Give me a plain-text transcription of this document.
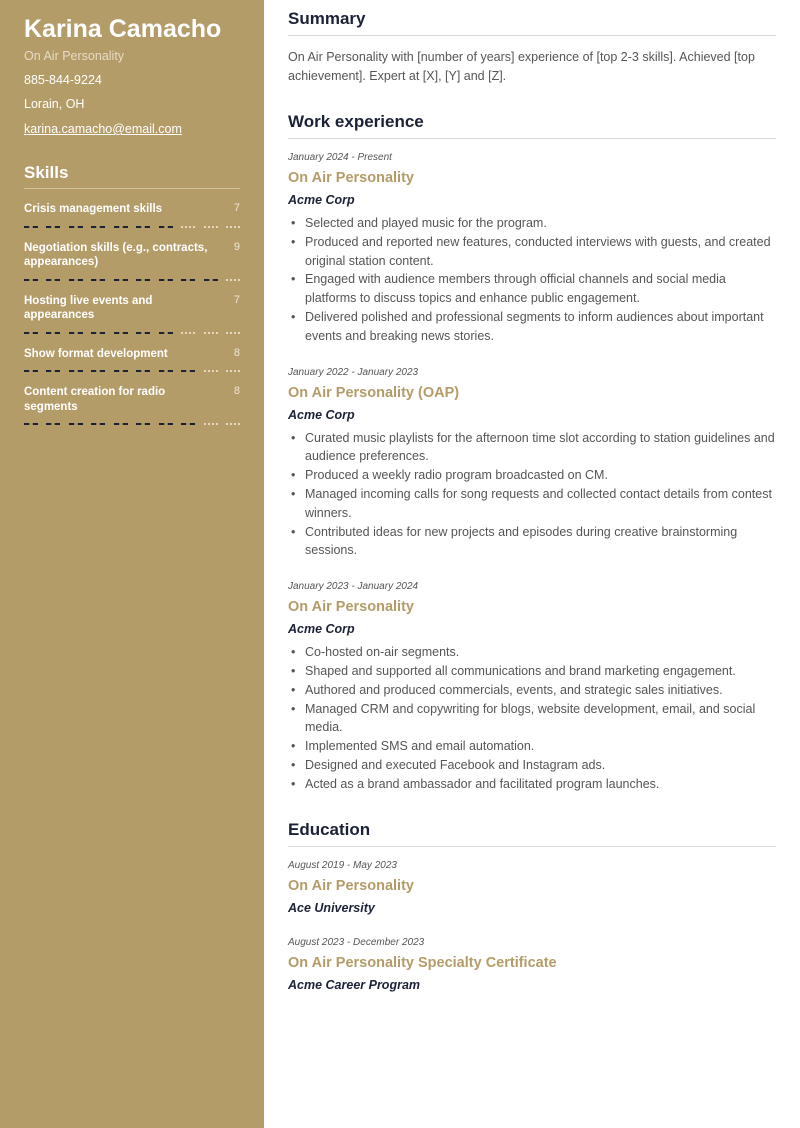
Karina Camacho
On Air Personality
885-844-9224
Lorain, OH
karina.camacho@email.com
Skills
Crisis management skills	7
Negotiation skills (e.g., contracts, appearances)
9
Hosting live events and appearances
7
Show format development	8
Content creation for radio segments
8
Summary

On Air Personality with [number of years] experience of [top 2-3 skills]. Achieved [top achievement]. Expert at [X], [Y] and [Z].

Work experience
January 2024 - Present
On Air Personality
Acme Corp
• Selected and played music for the program.
• Produced and reported new features, conducted interviews with guests, and created original station content.
• Engaged with audience members through official channels and social media platforms to discuss topics and enhance public engagement.
• Delivered polished and professional segments to inform audiences about important events and breaking news stories.
January 2022 - January 2023
On Air Personality (OAP)
Acme Corp
• Curated music playlists for the afternoon time slot according to station guidelines and audience preferences.
• Produced a weekly radio program broadcasted on CM.
• Managed incoming calls for song requests and collected contact details from contest winners.
• Contributed ideas for new projects and episodes during creative brainstorming sessions.
January 2023 - January 2024
On Air Personality
Acme Corp
• Co-hosted on-air segments.
• Shaped and supported all communications and brand marketing engagement.
• Authored and produced commercials, events, and strategic sales initiatives.
• Managed CRM and copywriting for blogs, website development, email, and social media.
• Implemented SMS and email automation.
• Designed and executed Facebook and Instagram ads.
• Acted as a brand ambassador and facilitated program launches.
Education
August 2019 - May 2023
On Air Personality
Ace University
August 2023 - December 2023
On Air Personality Specialty Certificate
Acme Career Program
